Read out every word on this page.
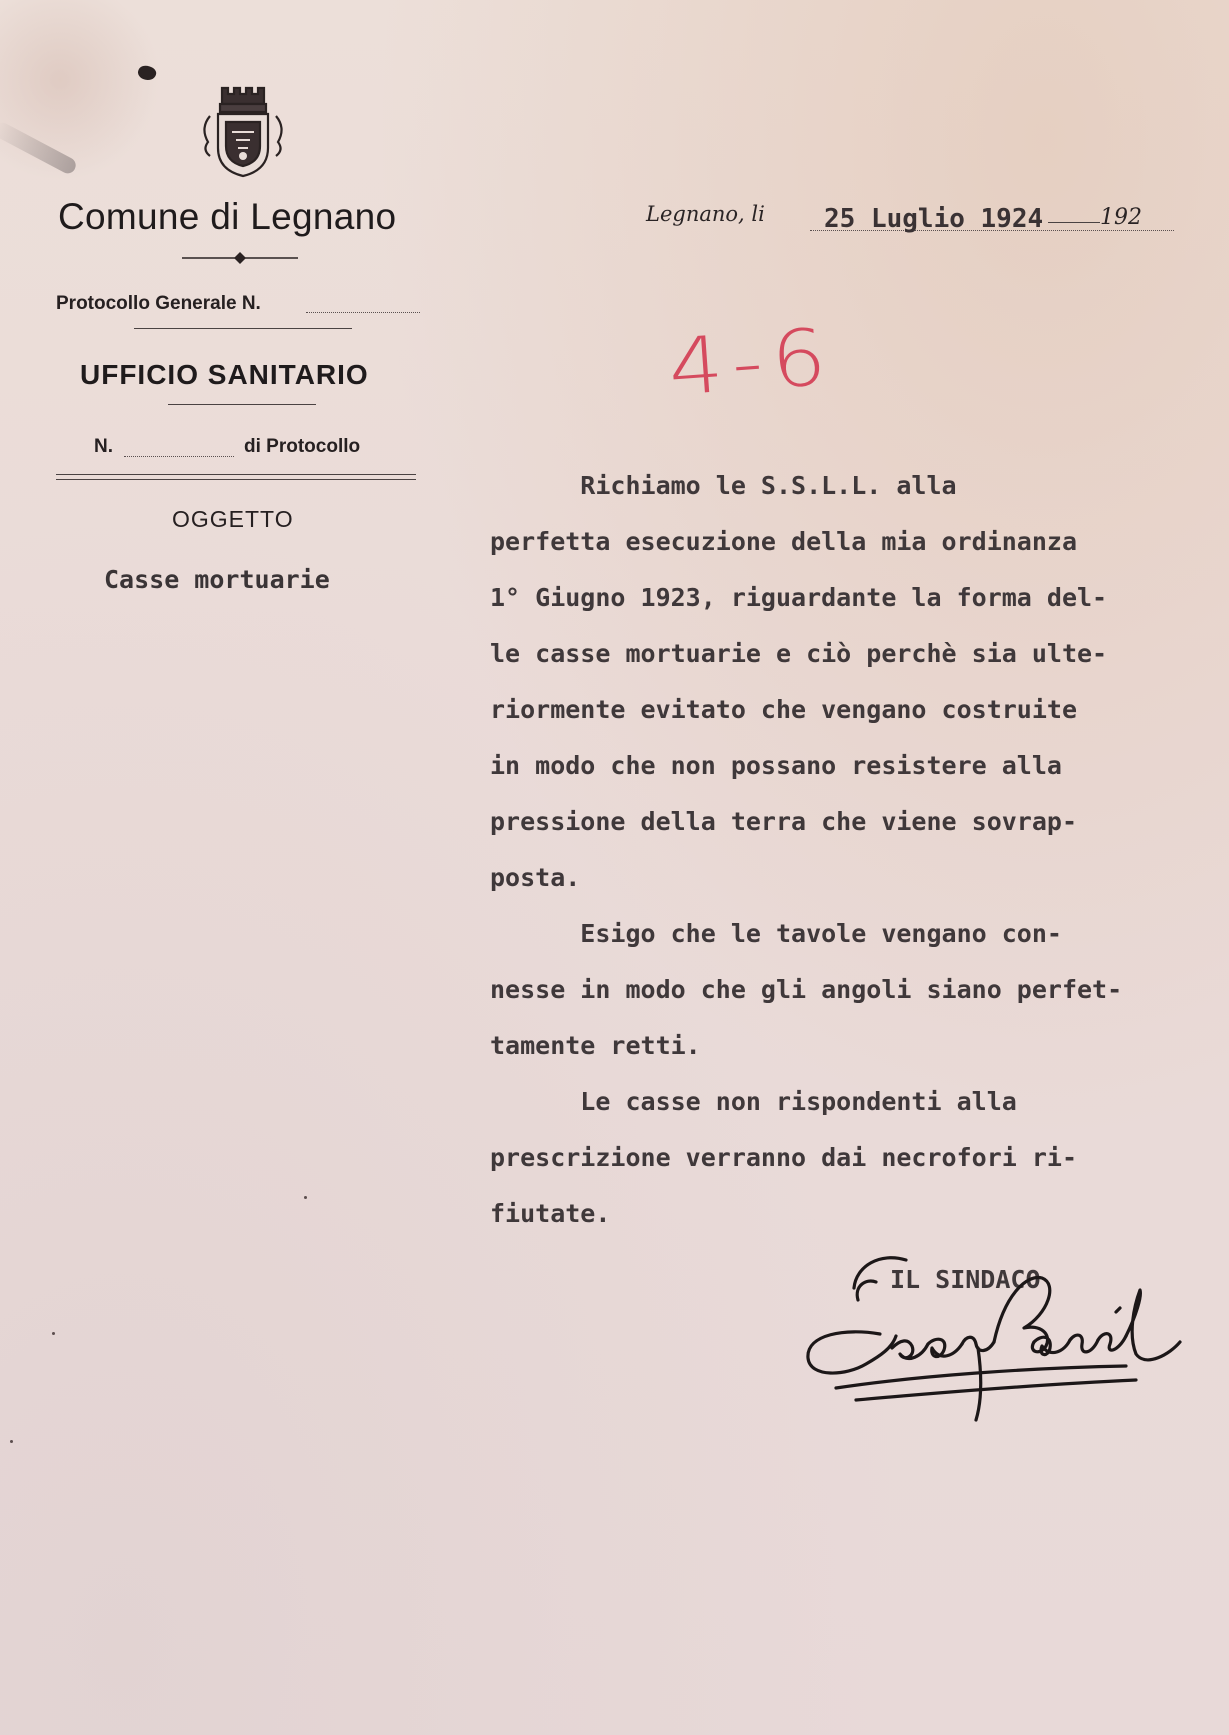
Comune di Legnano
Protocollo Generale N.
UFFICIO SANITARIO
N.	di Protocollo
OGGETTO
Casse mortuarie
Legnano, li 25 Luglio 1924	192
4-6
Richiamo le S.S.L.L. alla
perfetta esecuzione della mia ordinanza
1° Giugno 1923, riguardante la forma del-
le casse mortuarie e ciò perchè sia ulte-
riormente evitato che vengano costruite
in modo che non possano resistere alla
pressione della terra che viene sovrap-
posta.
Esigo che le tavole vengano con-
nesse in modo che gli angoli siano perfet-
tamente retti.
Le casse non rispondenti alla
prescrizione verranno dai necrofori ri-
fiutate.
IL SINDACO
